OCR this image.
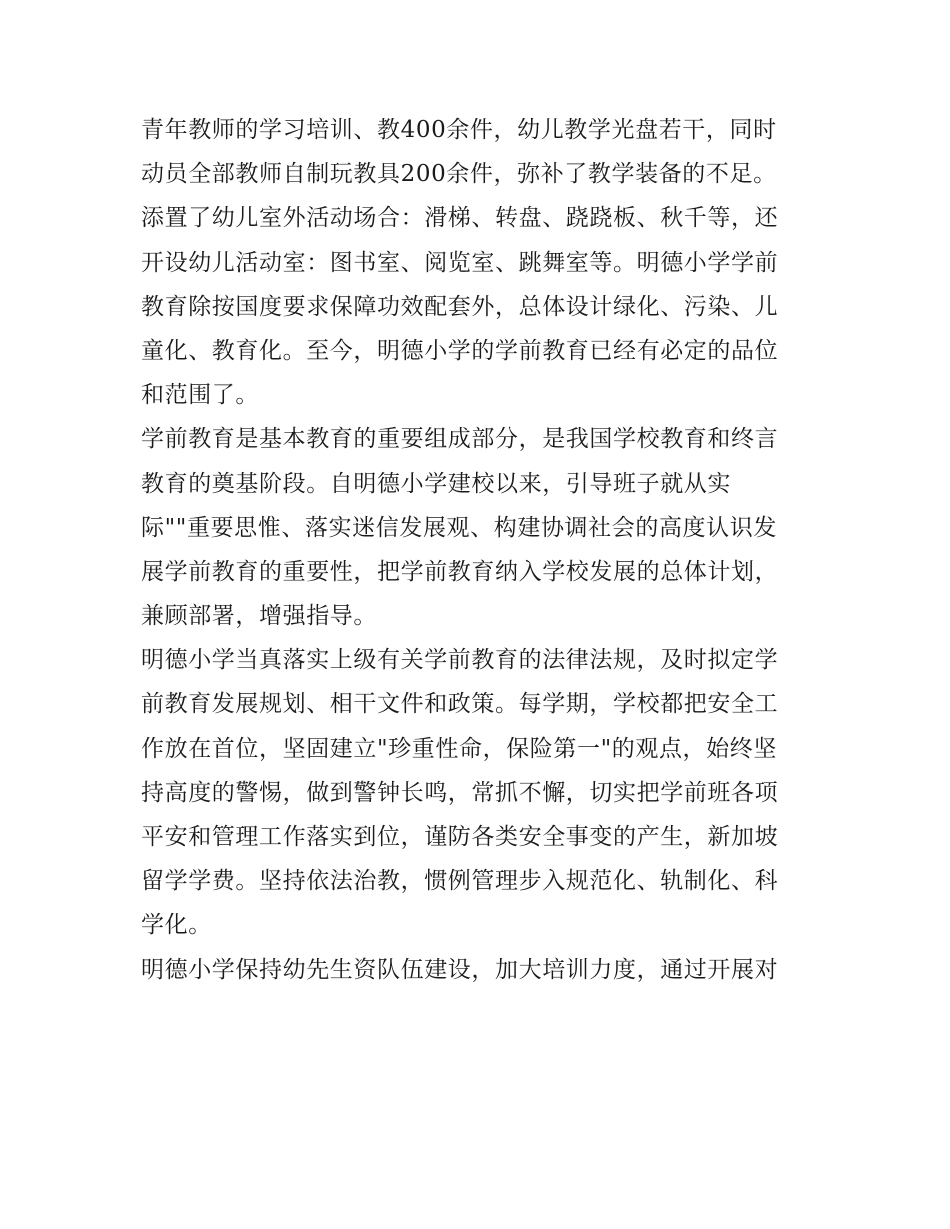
青年教师的学习培训、教400余件，幼儿教学光盘若干，同时
动员全部教师自制玩教具200余件，弥补了教学装备的不足。
添置了幼儿室外活动场合：滑梯、转盘、跷跷板、秋千等，还
开设幼儿活动室：图书室、阅览室、跳舞室等。明德小学学前
教育除按国度要求保障功效配套外，总体设计绿化、污染、儿
童化、教育化。至今，明德小学的学前教育已经有必定的品位
和范围了。
学前教育是基本教育的重要组成部分，是我国学校教育和终言
教育的奠基阶段。自明德小学建校以来，引导班子就从实
际""重要思惟、落实迷信发展观、构建协调社会的高度认识发
展学前教育的重要性，把学前教育纳入学校发展的总体计划，
兼顾部署，增强指导。
明德小学当真落实上级有关学前教育的法律法规，及时拟定学
前教育发展规划、相干文件和政策。每学期，学校都把安全工
作放在首位，坚固建立"珍重性命，保险第一"的观点，始终坚
持高度的警惕，做到警钟长鸣，常抓不懈，切实把学前班各项
平安和管理工作落实到位，谨防各类安全事变的产生，新加坡
留学学费。坚持依法治教，惯例管理步入规范化、轨制化、科
学化。
明德小学保持幼先生资队伍建设，加大培训力度，通过开展对
